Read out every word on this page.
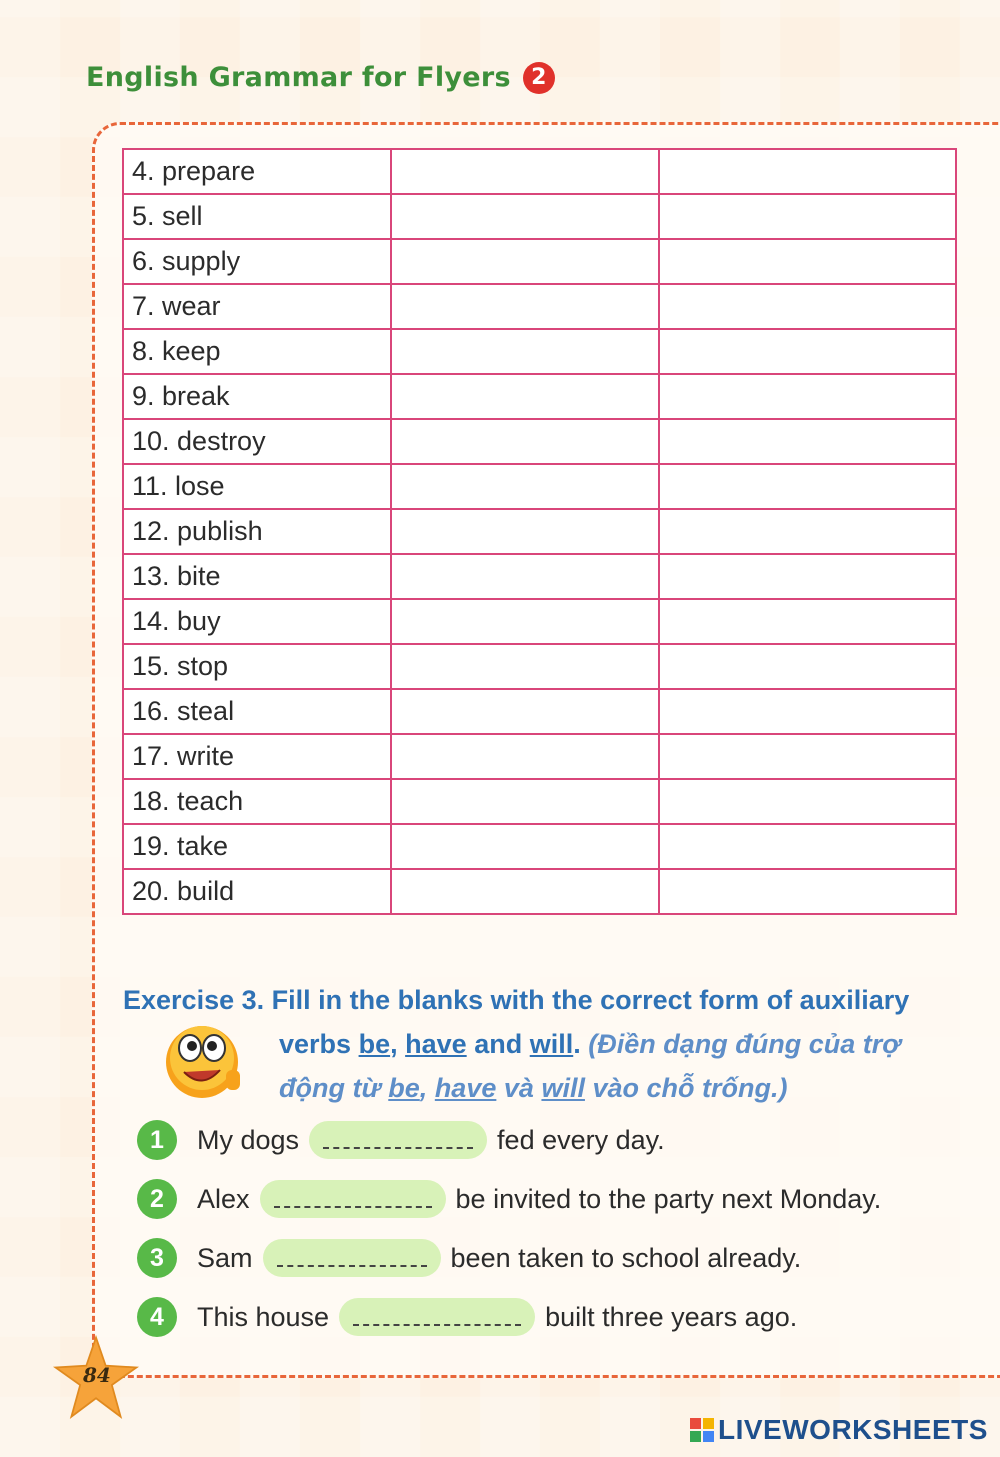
English Grammar for Flyers 2
4. prepare		
5. sell		
6. supply		
7. wear		
8. keep		
9. break		
10. destroy		
11. lose		
12. publish		
13. bite		
14. buy		
15. stop		
16. steal		
17. write		
18. teach		
19. take		
20. build		
Exercise 3. Fill in the blanks with the correct form of auxiliary
verbs be, have and will. (Điền dạng đúng của trợ
động từ be, have và will vào chỗ trống.)
1	My dogs	fed every day.
2	Alex	be invited to the party next Monday.
3	Sam	been taken to school already.
4	This house	built three years ago.
84
LIVEWORKSHEETS
